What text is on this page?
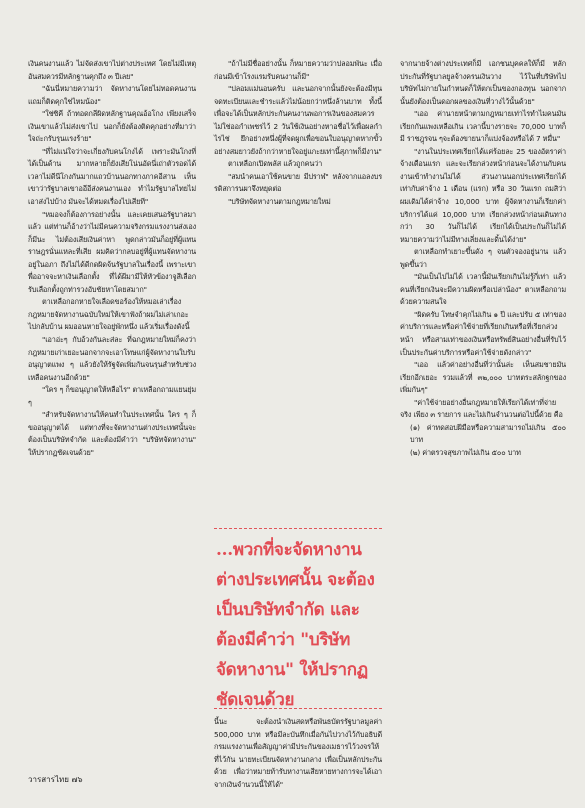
เงินคนงานแล้ว ไม่จัดส่งเขาไปต่างประเทศ โดยไม่มีเหตุอันสมควรมีหลักฐานคุกถึง ๓ ปีเลย"

"ฉันนี่หมายความว่า จัดหางานโดยไม่ทอดคนงานแถมก็ติดคุกใช่ไหมน้อง"

"ใช่ซิคี ถ้าทอดกลีผิดหลักฐานคุณอ้อโกง เพียงเสร็จเงินเขาแล้วไม่ส่งเขาไป นอกก็ยังต้องติดคุกอย่างที่มาว่าใจถ่ะกรับรุนแรงร้าย"

"ที่ไม่แน่ใจว่าจะเกี่ยงกับคนโกงได้ เพราะมันโกงที่ได้เป็นด้าน มากหลายก็ยังเสียโน่นอัดนี่เถ่าตัวรอดได้ เวลาไม่ดีนีโกงกันมากแถวบ้านนอกทางภาคอีสาน เห็นเขาว่ารัฐบาลเขาออีอีส่งคนงานเอง ทำไมรัฐบาลไทยไม่เอาส่งไปบ้าง มันจะได้หมดเรื่องไปเสียที"

"หมอจงก็ต้องการอย่างนั้น และเคยเสนอรัฐบาลมาแล้ว แต่ท่านก็อ้างว่าไม่มีคนความจริงกรมแรงงานส่งเองก็มีนะ ไม่ต้องเสียเงินค่าหา พูดกล่าวมันก็อยู่ที่ผู้แทนราษฎรนั่นแหละที่เสีย ผมคิดว่ากลบอยู่ที่ผู้แทนจัดหางานอยู่ในอภา ถึงไม่ได้ดีกดผิดจ้นรัฐบาลในเรื่องนี้ เพราะเขาพื่ออาจจะหาเงินเลือกตั้ง ที่ได้ผีมามีให้หัวข้องาจูสีเลือกรับเลือกตั้งถูกท่ารวงอับชัยหาโดยสมาก"

ตาเหลือกอกหายใจเลือดขอร้องให้หมอเล่าเรื่องกฎหมายจัดหางานฉบับใหม่ให้เขาฟังถ้าผมไม่เล่าเกอะไปกลับบ้าน ผมออนหายใจอยู่พักหนึ่ง แล้วเริ่มเรื่องดังนี้

"เอาอ่ะๆ กับอ้วงกันละส่ละ ที่ฉกฎหมายใหม่ก็คงว่ากฎหมายเก่าเยอะนอกจากจะเอาโทษแก่ผู้จัดหางานใบรับอนุญาตแพง ๆ แล้วยังให้รัฐจัดเพิ่มกันจนรุนสำหรับช่วงเหลือคนงานอีกด้วย"

"ใคร ๆ ก็ขอนุญาตให้หลือไร" ตาเหลือกถามแยนยุ่ม ๆ

"สำหรับจัดหางานให้คนทำในประเทศนั้น ใคร ๆ ก็ขออนุญาตได้ แต่ทางที่จะจัดหางานต่างประเทศนั้นจะต้องเป็นบริษัทจำกัด และต้องมีคำว่า "บริษัทจัดหางาน" ให้ปรากฏชัดเจนด้วย"

"ถ้าไม่มีชื่ออย่างนั้น ก็หมายความว่าปลอมพันะ เมื่อก่อนมีเข้าโรงแรมรับคนงานก็มี"

"ปลอมแม่นอนครับ และนอกจากนั้นยังจะต้องมีทุนจดทะเบียนและชำระแล้วไม่น้อยกว่าหนึ่งล้านบาท ทั้งนี้เพื่อจะได้เป็นหลักประกันคนงานพอการเงินของสมควร ไม่ใช่ออกำเพชรไว้ 2 วันใช้เงินอย่างหาอชื่อไว้เพื่อผลกำไรไช่ ยึกอย่างหนึ่งผู้ที่จดผูกเพื่อขอนใบอนุญาตหากขั้วอย่างสมยาวยังถ้ากว่าหายใจอยู่แกะยเท่านี้สุภาพก็มีงาน"

ตาเหลือกเปิดพลัส แล้วถูกคนว่า

"สมนำคนเอาใช้คนขาย มีปราฬ" หลังจากแอลงบรรดิสการนผาจึงหยุดต่อ

"บริษัทจัดหางานตามกฎหมายใหม่

...พวกที่จะจัดหางานต่างประเทศนั้น จะต้องเป็นบริษัทจำกัด และต้องมีคำว่า "บริษัทจัดหางาน" ให้ปรากฏชัดเจนด้วย

นี้นะ จะต้องนำเงินสดหรือพันธบัตรรัฐบาลมูลค่า 500,000 บาท หรือมีละบันทึกเมื่อกันไปวางไว้กับอธิบดีกรมแรงงานเพื่อสัญญาค่ามีประกันของเมธารไว้วงจรให้ที่ไว้กัน นายทะเบียนจัดหางานกลาง เพื่อเป็นหลักประกันด้วย เพื่อว่าหมายท้ารับหางานเสียหายทางการจะได้เอาจากเงินจำนวนนี้ให้ได้"

จากนายจ้างต่างประเทศก็มี เอกชนบุคคลให้ก็มี หลักประกันที่รัฐบาลยูลจ้างครนเงินวาง ไว้ในที่บริษัทไปบริษัทไม่กายในกำหนดก็ให้ตกเป็นของกองทุน นอกจากนั้นยังต้องเป็นดอกผลของเงินที่วางไว้นั้นด้วย"

"เออ ค่านายหน้าตามกฎหมายเท่าไรทำไมคนมันเรียกกันแพงเหลือเกิน เวลานี้บางรายจะ 70,000 บาทก็มี ราชฎุรจน ๆจะต้องขายนาก็แบ่งจ้องหรือได้ 7 หมื่น"

"งานในประเทศเรียกได้แค่ร้อยละ 25 ของอัตราค่าจ้างเดือนแรก และจะเรียกล่วงหน้าก่อนจะได้งานกับคนงานเข้าทำงานไม่ได้ ส่วนงานนอกประเทศเรียกได้เท่ากับค่าจ้าง 1 เดือน (แรก) หรือ 30 วันแรก ถมสิว่าผมเดิมได้ค่าจ้าง 10,000 บาท ผู้จัดหางานก็เรียกค่าบริการได้แค่ 10,000 บาท เรียกล่วงหน้าก่อนเดินทางกว่า 30 วันก็ไม่ได้ เรียกได้เป็นประกันก็ไม่ได้ หมายความว่าไม่มีทางเลี่ยงและดิ้นได้ง่าย"

ตาเหลือกทำเยาะขึ้นดัง ๆ จนตัวจองอยู่นาน แล้วพูดขึ้นว่า

"มันเป็นไปไม่ได้ เวลานี้มันเรียกเกินไม่รู้กี่เท่า แล้วคนที่เรียกเงินจะมีความผิดหรือเปล่าน้อง" ตาเหลือกถามด้วยความสนใจ

"ผิดครับ โทษจำคุกไม่เกิน ๑ ปี และปรับ ๕ เท่าของค่าบริการและหรือค่าใช้จ่ายที่เรียกเกินหรือที่เรียกล่วงหน้า หรือสามเท่าของเงินหรือทรัพย์สินอย่างอื่นที่รับไว้เป็นประกันค่าบริการหรือค่าใช้จ่ายดังกล่าว"

"เออ แล้วค่าอย่างอื่นที่ว่านั้นล่ะ เห็นสมชายมันเรียกอีกเยอะ รวมแล้วที่ ๓๒,๐๐๐ บาทตระสลักฐกของเพิ่มกันๆ"

"ค่าใช้จ่ายอย่างอื่นกฎหมายให้เรียกได้เท่าที่จ่ายจริง เพียง ๓ รายการ และไม่เกินจำนวนต่อไปนี้ด้วย คือ

(๑) ค่าทดสอบฝีมือหรือความสามารถไม่เกิน ๕๐๐ บาท

(๒) ค่าตรวจสุขภาพไม่เกิน ๕๐๐ บาท

วารสารไทย ๗๖
